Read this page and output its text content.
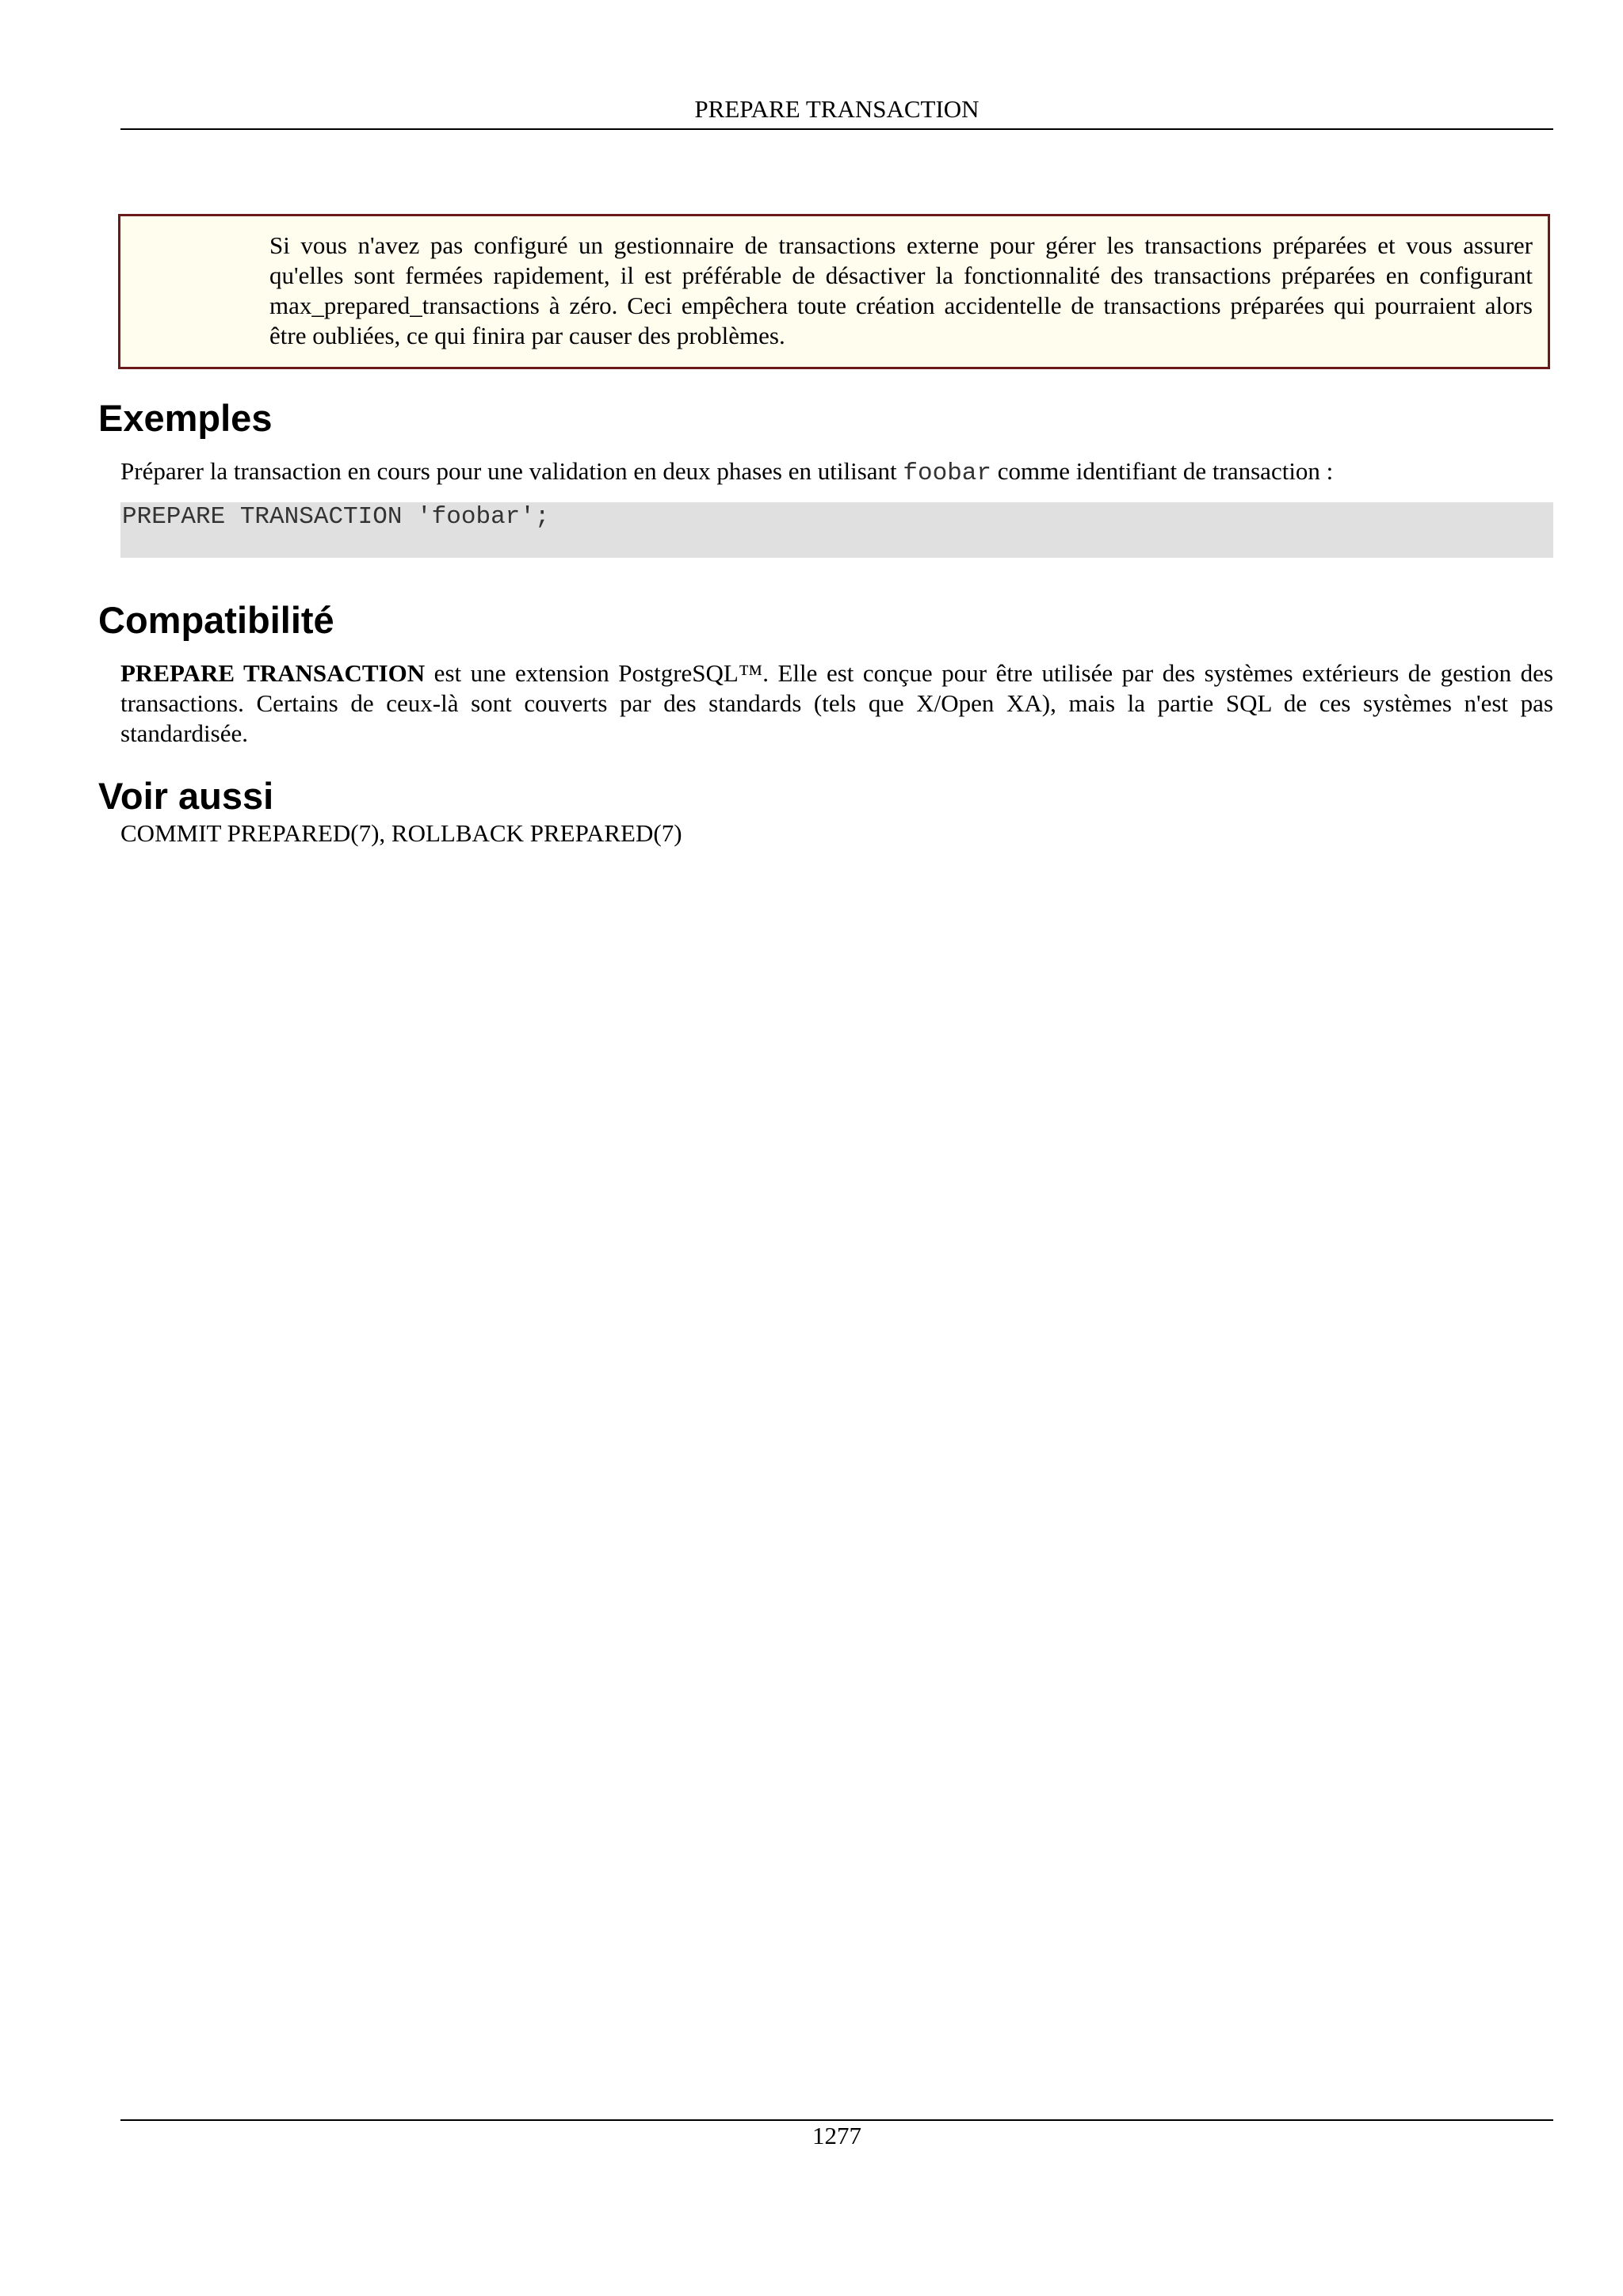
PREPARE TRANSACTION
Si vous n'avez pas configuré un gestionnaire de transactions externe pour gérer les transactions préparées et vous assurer qu'elles sont fermées rapidement, il est préférable de désactiver la fonctionnalité des transactions préparées en configurant max_prepared_transactions à zéro. Ceci empêchera toute création accidentelle de transactions préparées qui pourraient alors être oubliées, ce qui finira par causer des problèmes.
Exemples

Préparer la transaction en cours pour une validation en deux phases en utilisant foobar comme identifiant de transaction :

PREPARE TRANSACTION 'foobar';
Compatibilité

PREPARE TRANSACTION est une extension PostgreSQL™. Elle est conçue pour être utilisée par des systèmes extérieurs de gestion des transactions. Certains de ceux-là sont couverts par des standards (tels que X/Open XA), mais la partie SQL de ces systèmes n'est pas standardisée.

Voir aussi

COMMIT PREPARED(7), ROLLBACK PREPARED(7)

1277
